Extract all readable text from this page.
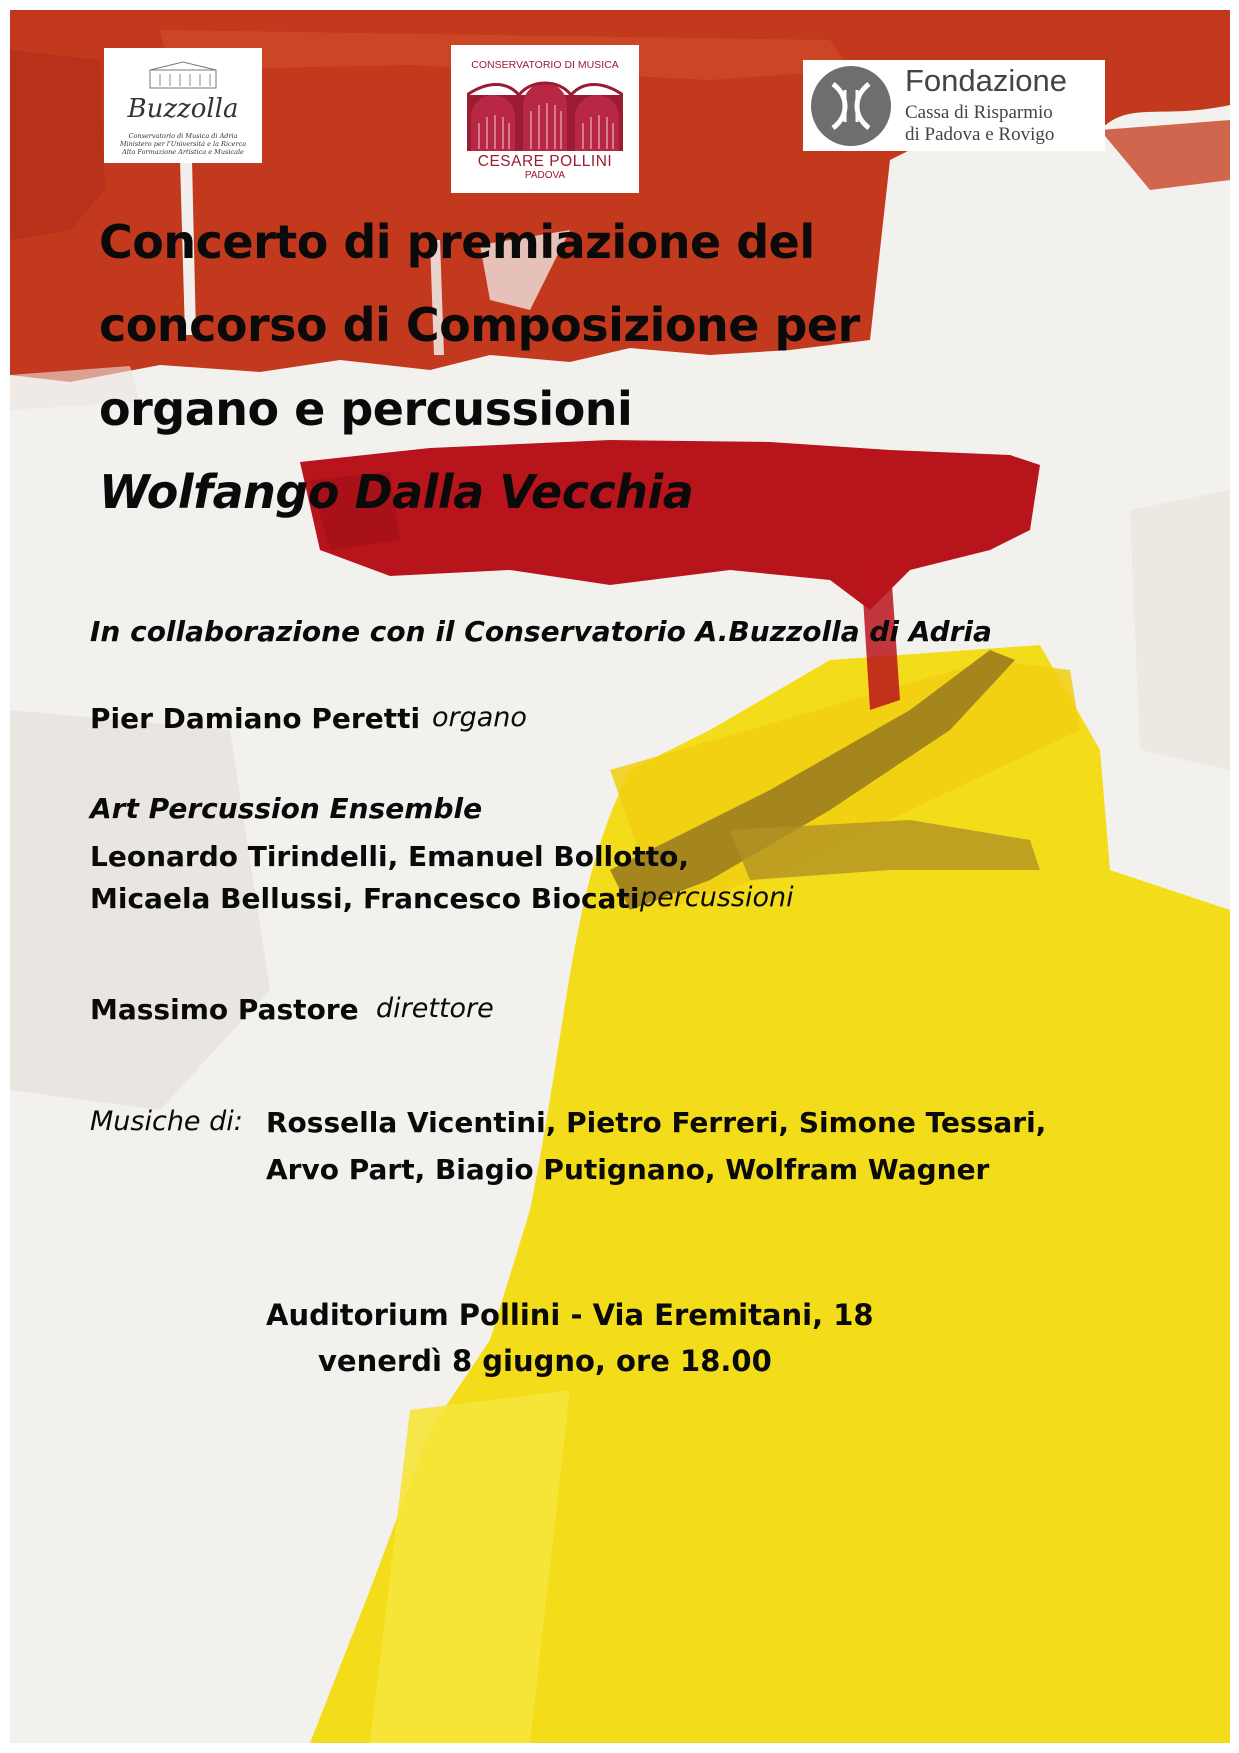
Buzzolla
Conservatorio di Musica di Adria
Ministero per l'Università e la Ricerca
Alta Formazione Artistica e Musicale
CONSERVATORIO DI MUSICA
CESARE POLLINI
PADOVA
Fondazione
Cassa di Risparmio
di Padova e Rovigo
Concerto di premiazione del
concorso di Composizione per
organo e percussioni
Wolfango Dalla Vecchia
In collaborazione con il Conservatorio A.Buzzolla di Adria
Pier Damiano Peretti organo
Art Percussion Ensemble
Leonardo Tirindelli, Emanuel Bollotto,
Micaela Bellussi, Francesco Biocati percussioni
Massimo Pastore direttore
Musiche di: Rossella Vicentini, Pietro Ferreri, Simone Tessari,
Arvo Part, Biagio Putignano, Wolfram Wagner
Auditorium Pollini - Via Eremitani, 18
venerdì 8 giugno, ore 18.00
